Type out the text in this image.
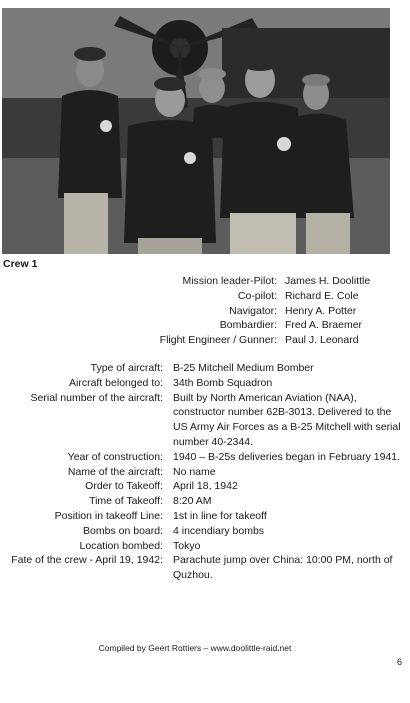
Crew 1
Mission leader-Pilot: James H. Doolittle
Co-pilot: Richard E. Cole
Navigator: Henry A. Potter
Bombardier: Fred A. Braemer
Flight Engineer / Gunner: Paul J. Leonard
Type of aircraft: B-25 Mitchell Medium Bomber
Aircraft belonged to: 34th Bomb Squadron
Serial number of the aircraft: Built by North American Aviation (NAA), constructor number 62B-3013. Delivered to the US Army Air Forces as a B-25 Mitchell with serial number 40-2344.
Year of construction: 1940 – B-25s deliveries began in February 1941.
Name of the aircraft: No name
Order to Takeoff: April 18, 1942
Time of Takeoff: 8:20 AM
Position in takeoff Line: 1st in line for takeoff
Bombs on board: 4 incendiary bombs
Location bombed: Tokyo
Fate of the crew - April 19, 1942: Parachute jump over China: 10:00 PM, north of Quzhou.
Compiled by Geert Rottiers – www.doolittle-raid.net
6
